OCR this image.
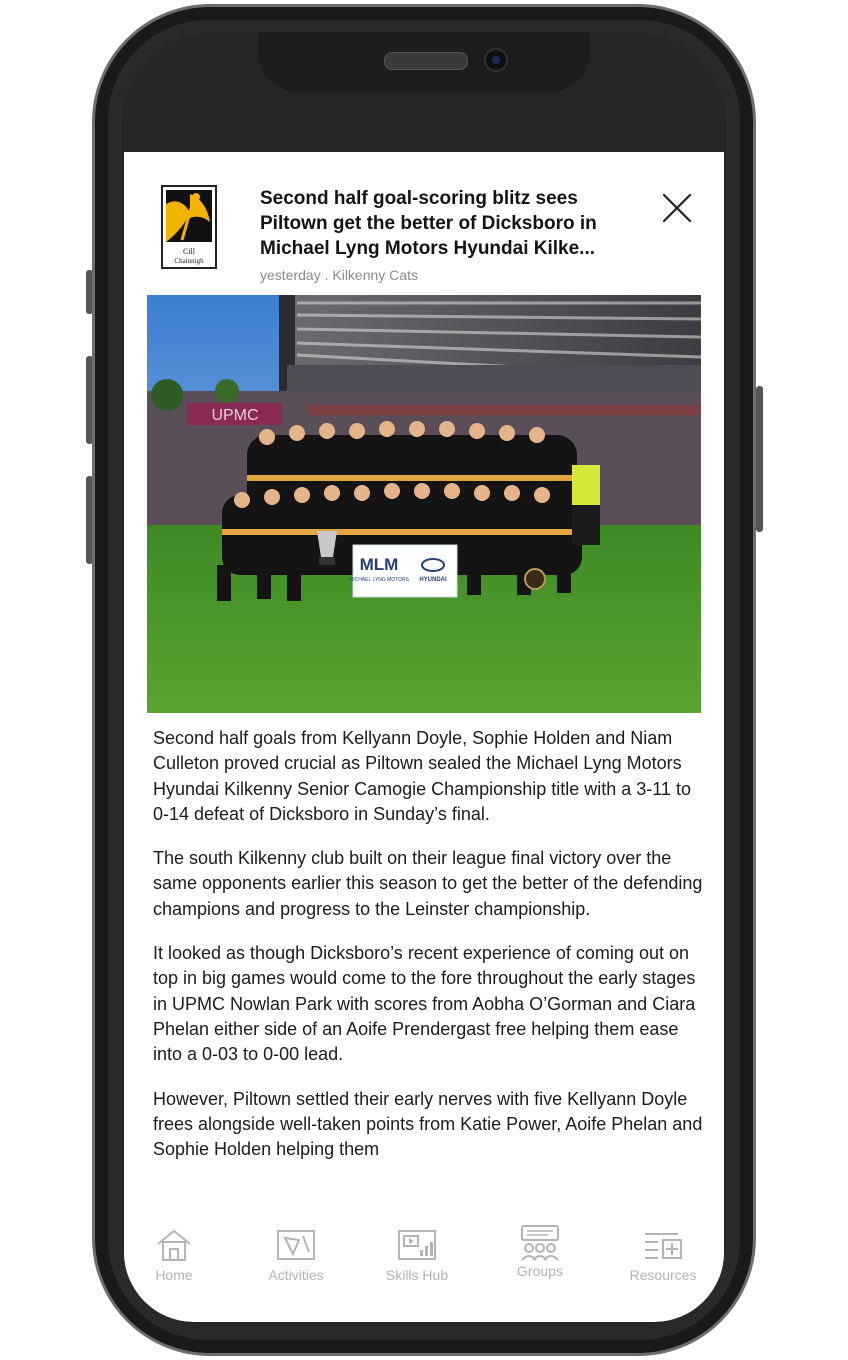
Cill
Chainnigh
Second half goal-scoring blitz sees Piltown get the better of Dicksboro in Michael Lyng Motors Hyundai Kilke...
yesterday . Kilkenny Cats
UPMC
MLM
MICHAEL LYNG MOTORS HYUNDAI

Second half goals from Kellyann Doyle, Sophie Holden and Niam Culleton proved crucial as Piltown sealed the Michael Lyng Motors Hyundai Kilkenny Senior Camogie Championship title with a 3-11 to 0-14 defeat of Dicksboro in Sunday’s final.

The south Kilkenny club built on their league final victory over the same opponents earlier this season to get the better of the defending champions and progress to the Leinster championship.

It looked as though Dicksboro’s recent experience of coming out on top in big games would come to the fore throughout the early stages in UPMC Nowlan Park with scores from Aobha O’Gorman and Ciara Phelan either side of an Aoife Prendergast free helping them ease into a 0-03 to 0-00 lead.

However, Piltown settled their early nerves with five Kellyann Doyle frees alongside well-taken points from Katie Power, Aoife Phelan and Sophie Holden helping them

Home	Activities	Skills Hub	Groups	Resources
